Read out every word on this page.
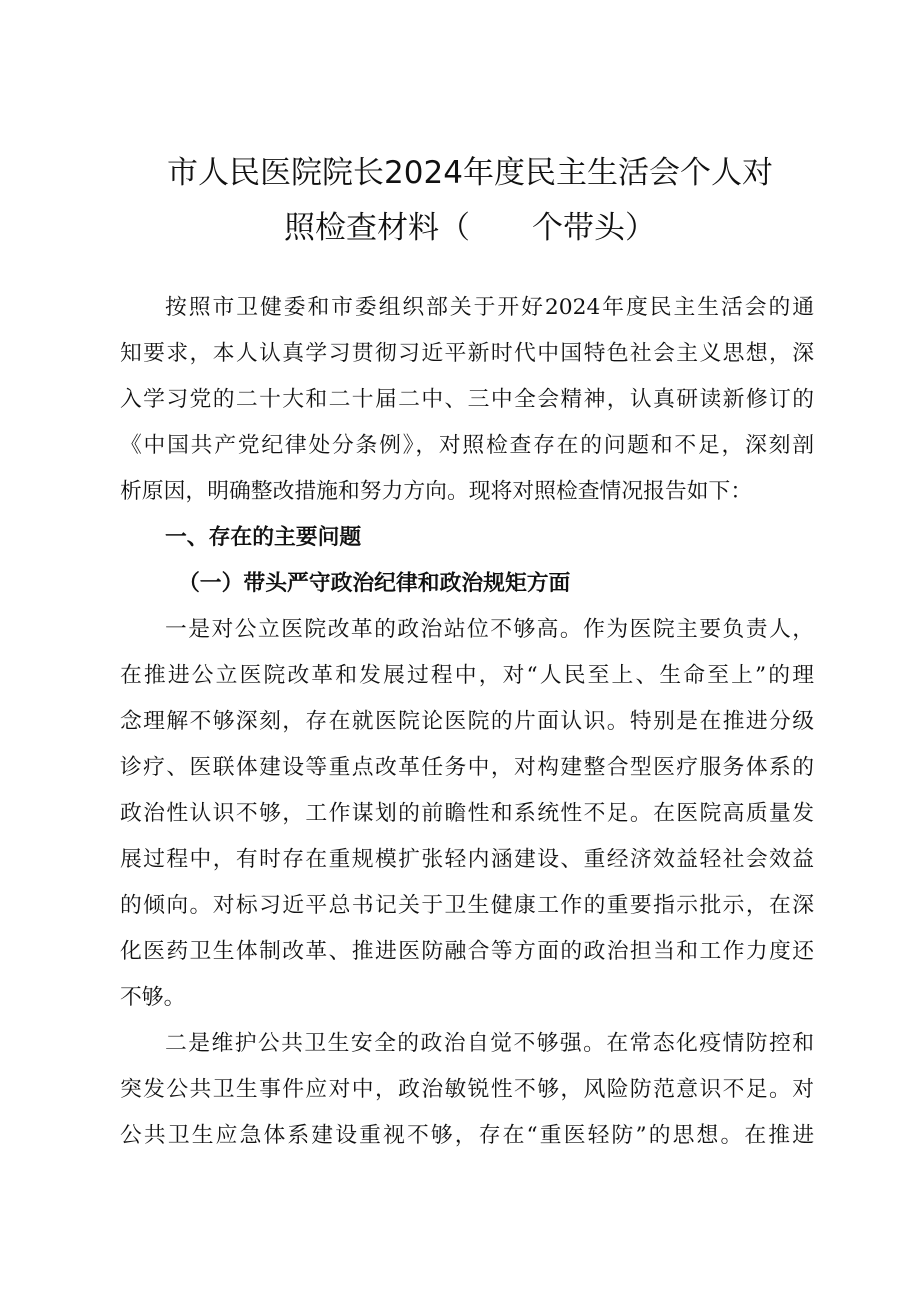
市人民医院院长2024年度民主生活会个人对
照检查材料（　　个带头）
按照市卫健委和市委组织部关于开好2024年度民主生活会的通
知要求，本人认真学习贯彻习近平新时代中国特色社会主义思想，深
入学习党的二十大和二十届二中、三中全会精神，认真研读新修订的
《中国共产党纪律处分条例》，对照检查存在的问题和不足，深刻剖
析原因，明确整改措施和努力方向。现将对照检查情况报告如下：
一、存在的主要问题
（一）带头严守政治纪律和政治规矩方面
一是对公立医院改革的政治站位不够高。作为医院主要负责人，
在推进公立医院改革和发展过程中，对“人民至上、生命至上”的理
念理解不够深刻，存在就医院论医院的片面认识。特别是在推进分级
诊疗、医联体建设等重点改革任务中，对构建整合型医疗服务体系的
政治性认识不够，工作谋划的前瞻性和系统性不足。在医院高质量发
展过程中，有时存在重规模扩张轻内涵建设、重经济效益轻社会效益
的倾向。对标习近平总书记关于卫生健康工作的重要指示批示，在深
化医药卫生体制改革、推进医防融合等方面的政治担当和工作力度还
不够。
二是维护公共卫生安全的政治自觉不够强。在常态化疫情防控和
突发公共卫生事件应对中，政治敏锐性不够，风险防范意识不足。对
公共卫生应急体系建设重视不够，存在“重医轻防”的思想。在推进
